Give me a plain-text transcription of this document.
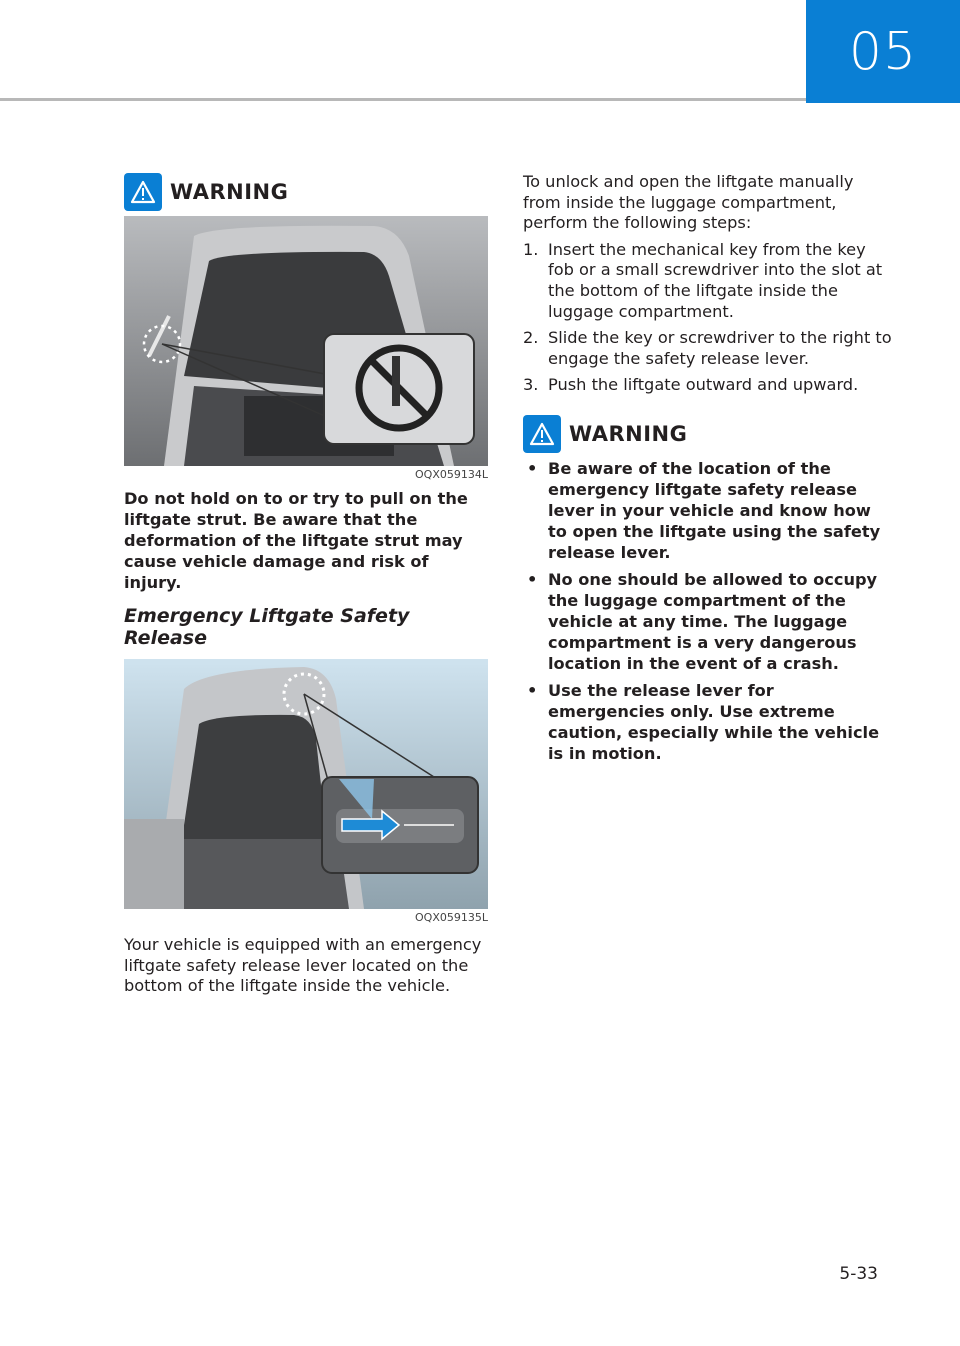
05
WARNING
OQX059134L

Do not hold on to or try to pull on the liftgate strut. Be aware that the deformation of the liftgate strut may cause vehicle damage and risk of injury.

Emergency Liftgate Safety Release
OQX059135L

Your vehicle is equipped with an emergency liftgate safety release lever located on the bottom of the liftgate inside the vehicle.

To unlock and open the liftgate manually from inside the luggage compartment, perform the following steps:

1. Insert the mechanical key from the key fob or a small screwdriver into the slot at the bottom of the liftgate inside the luggage compartment.
2. Slide the key or screwdriver to the right to engage the safety release lever.
3. Push the liftgate outward and upward.
WARNING
• Be aware of the location of the emergency liftgate safety release lever in your vehicle and know how to open the liftgate using the safety release lever.
• No one should be allowed to occupy the luggage compartment of the vehicle at any time. The luggage compartment is a very dangerous location in the event of a crash.
• Use the release lever for emergencies only. Use extreme caution, especially while the vehicle is in motion.
5-33
